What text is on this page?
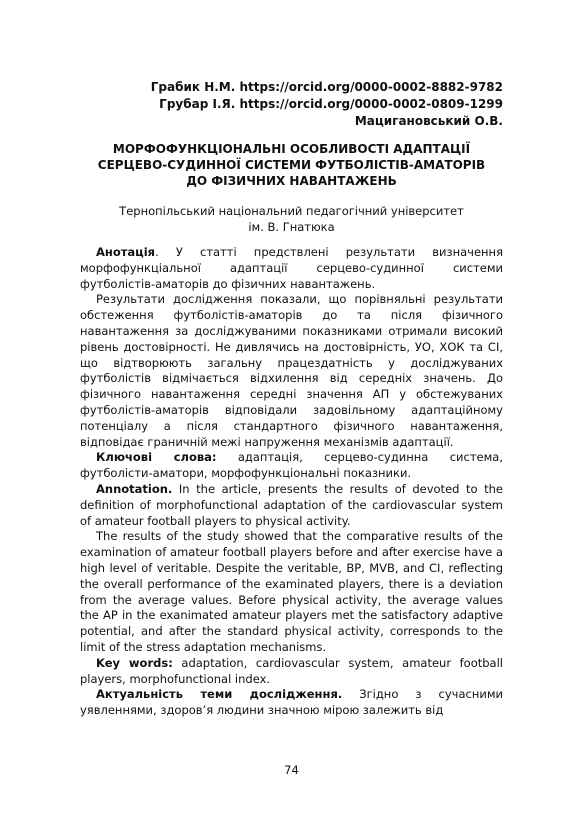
Грабик Н.М. https://orcid.org/0000-0002-8882-9782
Грубар І.Я. https://orcid.org/0000-0002-0809-1299
Мацигановський О.В.
МОРФОФУНКЦІОНАЛЬНІ ОСОБЛИВОСТІ АДАПТАЦІЇ
СЕРЦЕВО-СУДИННОЇ СИСТЕМИ ФУТБОЛІСТІВ-АМАТОРІВ
ДО ФІЗИЧНИХ НАВАНТАЖЕНЬ
Тернопільський національний педагогічний університет
ім. В. Гнатюка

Анотація. У статті предствлені результати визначення морфофункціальної адаптації серцево-судинної системи футболістів-аматорів до фізичних навантажень.

Результати дослідження показали, що порівняльні результати обстеження футболістів-аматорів до та після фізичного навантаження за досліджуваними показниками отримали високий рівень достовірності. Не дивлячись на достовірність, УО, ХОК та СІ, що відтворюють загальну працездатність у досліджуваних футболістів відмічається відхилення від середніх значень. До фізичного навантаження середні значення АП у обстежуваних футболістів-аматорів відповідали задовільному адаптаційному потенціалу а після стандартного фізичного навантаження, відповідає граничній межі напруження механізмів адаптації.

Ключові слова: адаптація, серцево-судинна система, футболісти-аматори, морфофункціональні показники.

Annotation. In the article, presents the results of devoted to the definition of morphofunctional adaptation of the cardiovascular system of amateur football players to physical activity.

The results of the study showed that the comparative results of the examination of amateur football players before and after exercise have a high level of veritable. Despite the veritable, BP, MVB, and CI, reflecting the overall performance of the examinated players, there is a deviation from the average values. Before physical activity, the average values the AP in the exanimated amateur players met the satisfactory adaptive potential, and after the standard physical activity, corresponds to the limit of the stress adaptation mechanisms.

Key words: adaptation, cardiovascular system, amateur football players, morphofunctional index.

Актуальність теми дослідження. Згідно з сучасними уявленнями, здоров’я людини значною мірою залежить від

74
